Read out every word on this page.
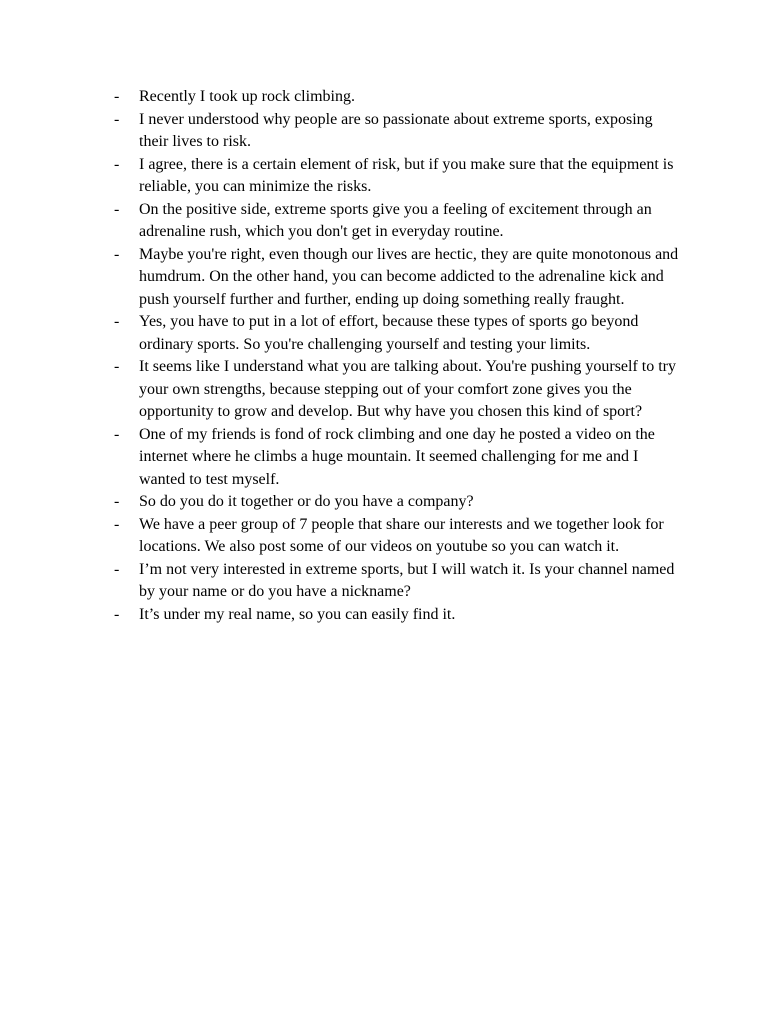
-	Recently I took up rock climbing.
-	I never understood why people are so passionate about extreme sports, exposing their lives to risk.
-	I agree, there is a certain element of risk, but if you make sure that the equipment is reliable, you can minimize the risks.
-	On the positive side, extreme sports give you a feeling of excitement through an adrenaline rush, which you don't get in everyday routine.
-	Maybe you're right, even though our lives are hectic, they are quite monotonous and humdrum. On the other hand, you can become addicted to the adrenaline kick and push yourself further and further, ending up doing something really fraught.
-	Yes, you have to put in a lot of effort, because these types of sports go beyond ordinary sports. So you're challenging yourself and testing your limits.
-	It seems like I understand what you are talking about. You're pushing yourself to try your own strengths, because stepping out of your comfort zone gives you the opportunity to grow and develop. But why have you chosen this kind of sport?
-	One of my friends is fond of rock climbing and one day he posted a video on the internet where he climbs a huge mountain. It seemed challenging for me and I wanted to test myself.
-	So do you do it together or do you have a company?
-	We have a peer group of 7 people that share our interests and we together look for locations. We also post some of our videos on youtube so you can watch it.
-	I’m not very interested in extreme sports, but I will watch it. Is your channel named by your name or do you have a nickname?
-	It’s under my real name, so you can easily find it.
